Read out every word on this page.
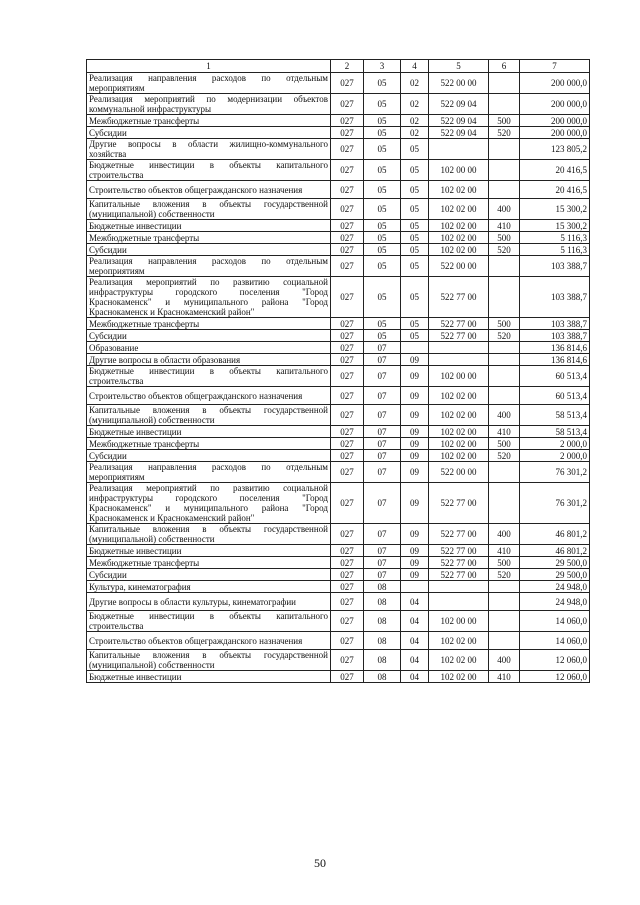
1	2	3	4	5	6	7
Реализация направления расходов по отдельным мероприятиям	027	05	02	522 00 00		200 000,0
Реализация мероприятий по модернизации объектов коммунальной инфраструктуры	027	05	02	522 09 04		200 000,0
Межбюджетные трансферты	027	05	02	522 09 04	500	200 000,0
Субсидии	027	05	02	522 09 04	520	200 000,0
Другие вопросы в области жилищно-коммунального хозяйства	027	05	05			123 805,2
Бюджетные инвестиции в объекты капитального строительства	027	05	05	102 00 00		20 416,5
Строительство объектов общегражданского назначения	027	05	05	102 02 00		20 416,5
Капитальные вложения в объекты государственной (муниципальной) собственности	027	05	05	102 02 00	400	15 300,2
Бюджетные инвестиции	027	05	05	102 02 00	410	15 300,2
Межбюджетные трансферты	027	05	05	102 02 00	500	5 116,3
Субсидии	027	05	05	102 02 00	520	5 116,3
Реализация направления расходов по отдельным мероприятиям	027	05	05	522 00 00		103 388,7
Реализация мероприятий по развитию социальной инфраструктуры городского поселения "Город Краснокаменск" и муниципального района "Город Краснокаменск и Краснокаменский район"	027	05	05	522 77 00		103 388,7
Межбюджетные трансферты	027	05	05	522 77 00	500	103 388,7
Субсидии	027	05	05	522 77 00	520	103 388,7
Образование	027	07				136 814,6
Другие вопросы в области образования	027	07	09			136 814,6
Бюджетные инвестиции в объекты капитального строительства	027	07	09	102 00 00		60 513,4
Строительство объектов общегражданского назначения	027	07	09	102 02 00		60 513,4
Капитальные вложения в объекты государственной (муниципальной) собственности	027	07	09	102 02 00	400	58 513,4
Бюджетные инвестиции	027	07	09	102 02 00	410	58 513,4
Межбюджетные трансферты	027	07	09	102 02 00	500	2 000,0
Субсидии	027	07	09	102 02 00	520	2 000,0
Реализация направления расходов по отдельным мероприятиям	027	07	09	522 00 00		76 301,2
Реализация мероприятий по развитию социальной инфраструктуры городского поселения "Город Краснокаменск" и муниципального района "Город Краснокаменск и Краснокаменский район"	027	07	09	522 77 00		76 301,2
Капитальные вложения в объекты государственной (муниципальной) собственности	027	07	09	522 77 00	400	46 801,2
Бюджетные инвестиции	027	07	09	522 77 00	410	46 801,2
Межбюджетные трансферты	027	07	09	522 77 00	500	29 500,0
Субсидии	027	07	09	522 77 00	520	29 500,0
Культура, кинематография	027	08				24 948,0
Другие вопросы в области культуры, кинематографии	027	08	04			24 948,0
Бюджетные инвестиции в объекты капитального строительства	027	08	04	102 00 00		14 060,0
Строительство объектов общегражданского назначения	027	08	04	102 02 00		14 060,0
Капитальные вложения в объекты государственной (муниципальной) собственности	027	08	04	102 02 00	400	12 060,0
Бюджетные инвестиции	027	08	04	102 02 00	410	12 060,0
50
